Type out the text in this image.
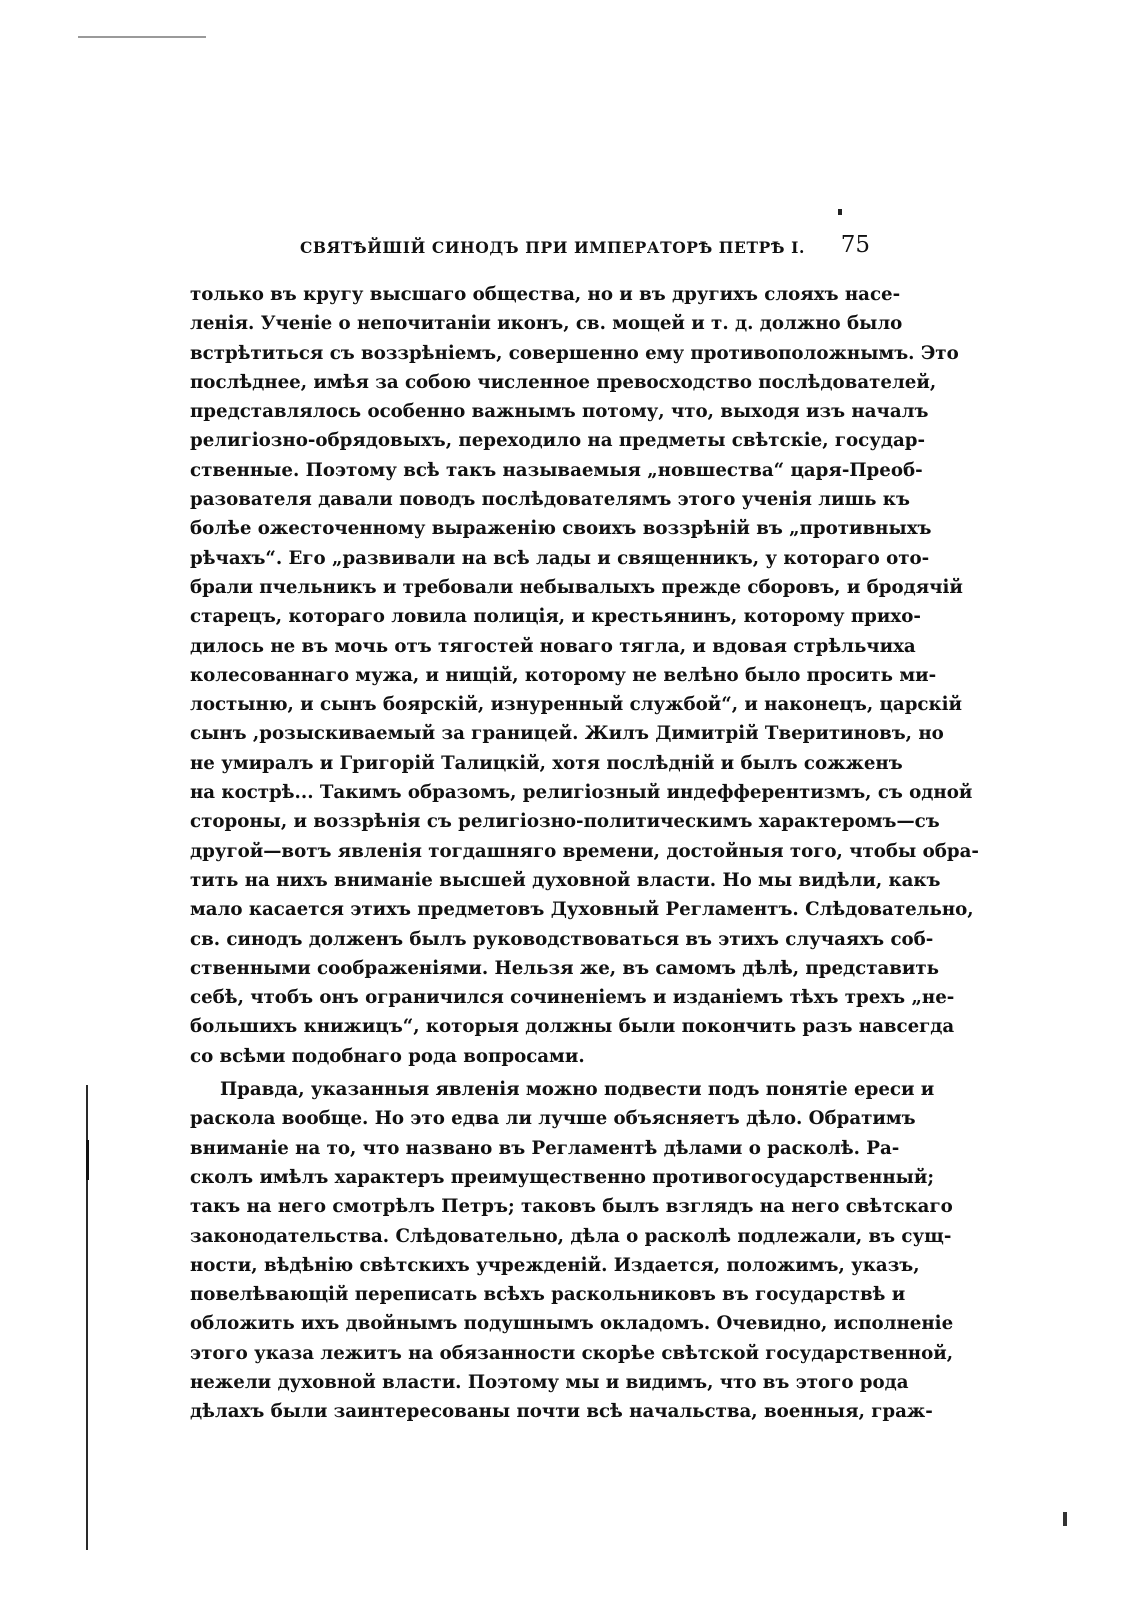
СВЯТѢЙШІЙ СИНОДЪ ПРИ ИМПЕРАТОРѢ ПЕТРѢ I. 75
только въ кругу высшаго общества, но и въ другихъ слояхъ насе-
ленія. Ученіе о непочитаніи иконъ, св. мощей и т. д. должно было
встрѣтиться съ воззрѣніемъ, совершенно ему противоположнымъ. Это
послѣднее, имѣя за собою численное превосходство послѣдователей,
представлялось особенно важнымъ потому, что, выходя изъ началъ
религіозно-обрядовыхъ, переходило на предметы свѣтскіе, государ-
ственные. Поэтому всѣ такъ называемыя „новшества“ царя-Преоб-
разователя давали поводъ послѣдователямъ этого ученія лишь къ
болѣе ожесточенному выраженію своихъ воззрѣній въ „противныхъ
рѣчахъ“. Его „развивали на всѣ лады и священникъ, у котораго ото-
брали пчельникъ и требовали небывалыхъ прежде сборовъ, и бродячій
старецъ, котораго ловила полиція, и крестьянинъ, которому прихо-
дилось не въ мочь отъ тягостей новаго тягла, и вдовая стрѣльчиха
колесованнаго мужа, и нищій, которому не велѣно было просить ми-
лостыню, и сынъ боярскій, изнуренный службой“, и наконецъ, царскій
сынъ ,розыскиваемый за границей. Жилъ Димитрій Тверитиновъ, но
не умиралъ и Григорій Талицкій, хотя послѣдній и былъ сожженъ
на кострѣ... Такимъ образомъ, религіозный индефферентизмъ, съ одной
стороны, и воззрѣнія съ религіозно-политическимъ характеромъ—съ
другой—вотъ явленія тогдашняго времени, достойныя того, чтобы обра-
тить на нихъ вниманіе высшей духовной власти. Но мы видѣли, какъ
мало касается этихъ предметовъ Духовный Регламентъ. Слѣдовательно,
св. синодъ долженъ былъ руководствоваться въ этихъ случаяхъ соб-
ственными соображеніями. Нельзя же, въ самомъ дѣлѣ, представить
себѣ, чтобъ онъ ограничился сочиненіемъ и изданіемъ тѣхъ трехъ „не-
большихъ книжицъ“, которыя должны были покончить разъ навсегда
со всѣми подобнаго рода вопросами.
Правда, указанныя явленія можно подвести подъ понятіе ереси и
раскола вообще. Но это едва ли лучше объясняетъ дѣло. Обратимъ
вниманіе на то, что названо въ Регламентѣ дѣлами о расколѣ. Ра-
сколъ имѣлъ характеръ преимущественно противогосударственный;
такъ на него смотрѣлъ Петръ; таковъ былъ взглядъ на него свѣтскаго
законодательства. Слѣдовательно, дѣла о расколѣ подлежали, въ сущ-
ности, вѣдѣнію свѣтскихъ учрежденій. Издается, положимъ, указъ,
повелѣвающій переписать всѣхъ раскольниковъ въ государствѣ и
обложить ихъ двойнымъ подушнымъ окладомъ. Очевидно, исполненіе
этого указа лежитъ на обязанности скорѣе свѣтской государственной,
нежели духовной власти. Поэтому мы и видимъ, что въ этого рода
дѣлахъ были заинтересованы почти всѣ начальства, военныя, граж-
